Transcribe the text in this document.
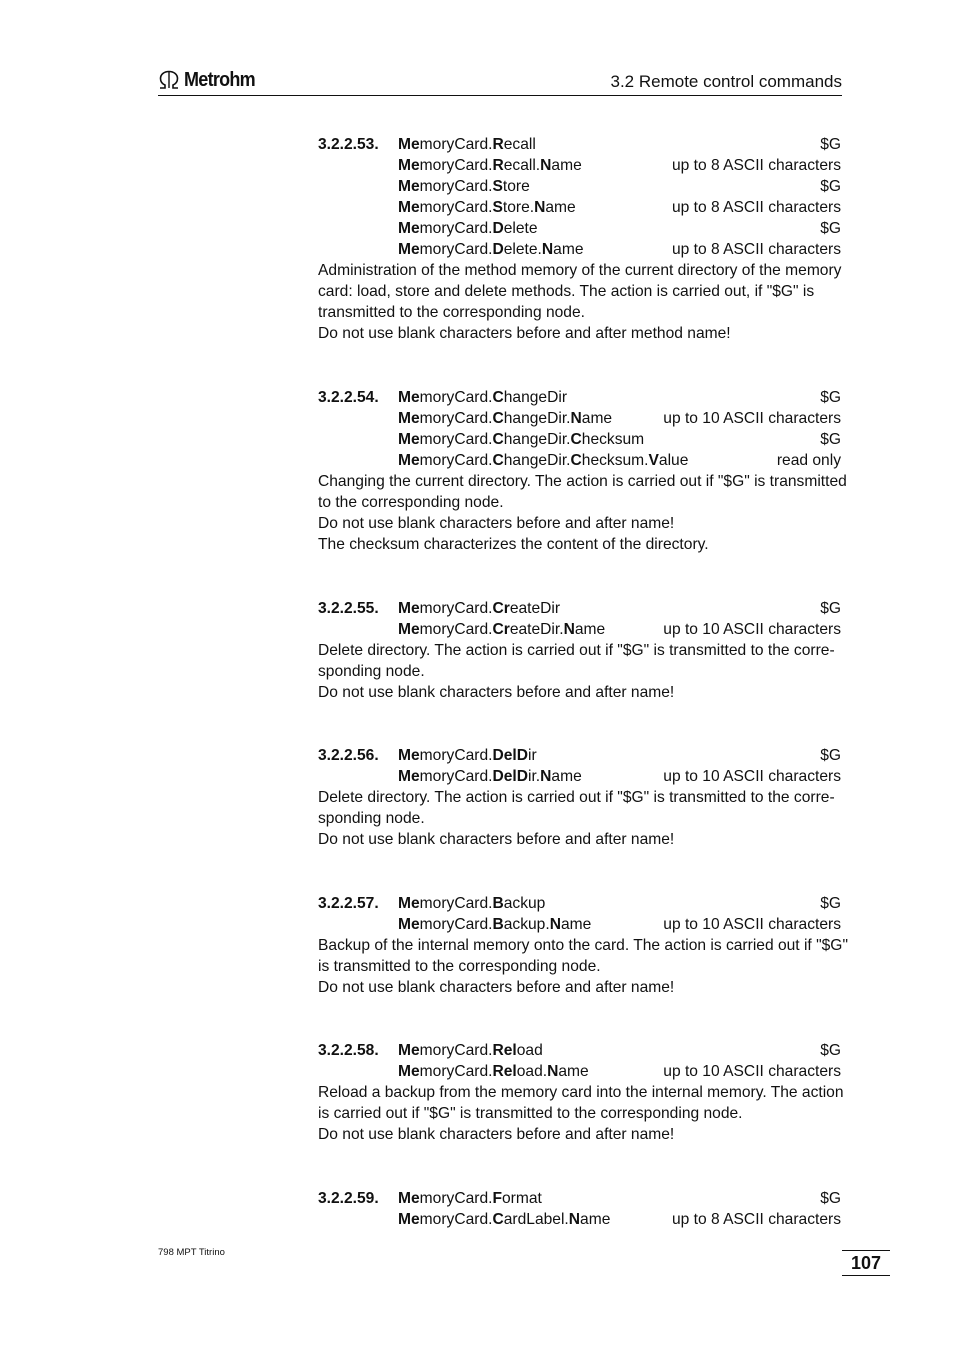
Metrohm	3.2 Remote control commands
3.2.2.53. MemoryCard.Recall	$G
MemoryCard.Recall.Name	up to 8 ASCII characters
MemoryCard.Store	$G
MemoryCard.Store.Name	up to 8 ASCII characters
MemoryCard.Delete	$G
MemoryCard.Delete.Name	up to 8 ASCII characters
Administration of the method memory of the current directory of the memory
card: load, store and delete methods. The action is carried out, if "$G" is
transmitted to the corresponding node.
Do not use blank characters before and after method name!
3.2.2.54. MemoryCard.ChangeDir	$G
MemoryCard.ChangeDir.Name	up to 10 ASCII characters
MemoryCard.ChangeDir.Checksum	$G
MemoryCard.ChangeDir.Checksum.Value	read only
Changing the current directory. The action is carried out if "$G" is transmitted
to the corresponding node.
Do not use blank characters before and after name!
The checksum characterizes the content of the directory.
3.2.2.55. MemoryCard.CreateDir	$G
MemoryCard.CreateDir.Name	up to 10 ASCII characters
Delete directory. The action is carried out if "$G" is transmitted to the corre-
sponding node.
Do not use blank characters before and after name!
3.2.2.56. MemoryCard.DelDir	$G
MemoryCard.DelDir.Name	up to 10 ASCII characters
Delete directory. The action is carried out if "$G" is transmitted to the corre-
sponding node.
Do not use blank characters before and after name!
3.2.2.57. MemoryCard.Backup	$G
MemoryCard.Backup.Name	up to 10 ASCII characters
Backup of the internal memory onto the card. The action is carried out if "$G"
is transmitted to the corresponding node.
Do not use blank characters before and after name!
3.2.2.58. MemoryCard.Reload	$G
MemoryCard.Reload.Name	up to 10 ASCII characters
Reload a backup from the memory card into the internal memory. The action
is carried out if "$G" is transmitted to the corresponding node.
Do not use blank characters before and after name!
3.2.2.59. MemoryCard.Format	$G
MemoryCard.CardLabel.Name	up to 8 ASCII characters
798 MPT Titrino
107
